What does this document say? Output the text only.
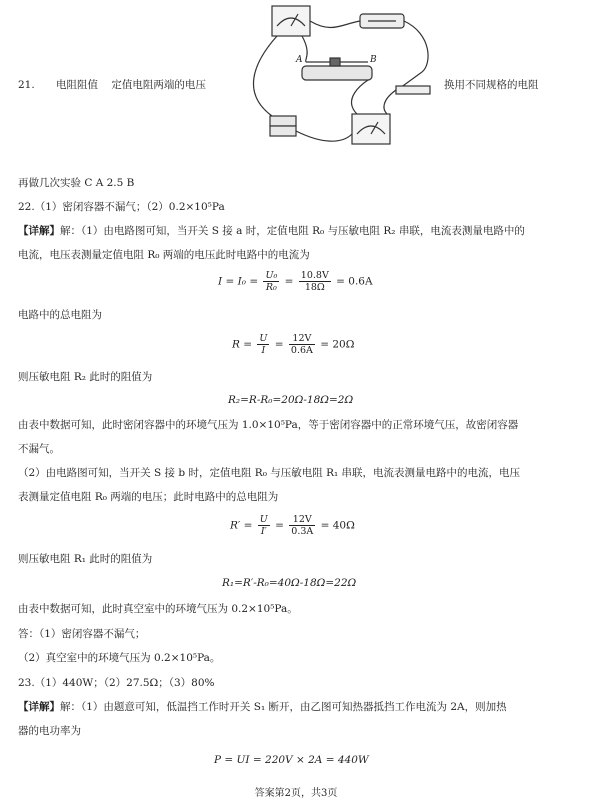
A	B
21. 电阻阻值 定值电阻两端的电压	换用不同规格的电阻
再做几次实验 C A 2.5 B
22.（1）密闭容器不漏气；（2）0.2×10⁵Pa
【详解】解：（1）由电路图可知，当开关 S 接 a 时，定值电阻 R₀ 与压敏电阻 R₂ 串联，电流表测量电路中的
电流，电压表测量定值电阻 R₀ 两端的电压此时电路中的电流为
$I = I_0 = \frac{\text{U₀}}{\text{R₀}} = \frac{10.8V}{18\Omega} = 0.6A$
电路中的总电阻为
$R = \frac{U}{I} = \frac{12V}{0.6A} = 20\Omega$
则压敏电阻 R₂ 此时的阻值为
R₂=R-R₀=20Ω-18Ω=2Ω
由表中数据可知，此时密闭容器中的环境气压为 1.0×10⁵Pa，等于密闭容器中的正常环境气压，故密闭容器
不漏气。
（2）由电路图可知，当开关 S 接 b 时，定值电阻 R₀ 与压敏电阻 R₁ 串联，电流表测量电路中的电流，电压
表测量定值电阻 R₀ 两端的电压；此时电路中的总电阻为
$R' = \frac{U}{I'} = \frac{12V}{0.3A} = 40\Omega$
则压敏电阻 R₁ 此时的阻值为
R₁=R′-R₀=40Ω-18Ω=22Ω
由表中数据可知，此时真空室中的环境气压为 0.2×10⁵Pa。
答：（1）密闭容器不漏气；
（2）真空室中的环境气压为 0.2×10⁵Pa。
23.（1）440W；（2）27.5Ω；（3）80%
【详解】解：（1）由题意可知，低温挡工作时开关 S₁ 断开，由乙图可知热器抵挡工作电流为 2A，则加热
器的电功率为
P = UI = 220V × 2A = 440W
答案第2页，共3页
